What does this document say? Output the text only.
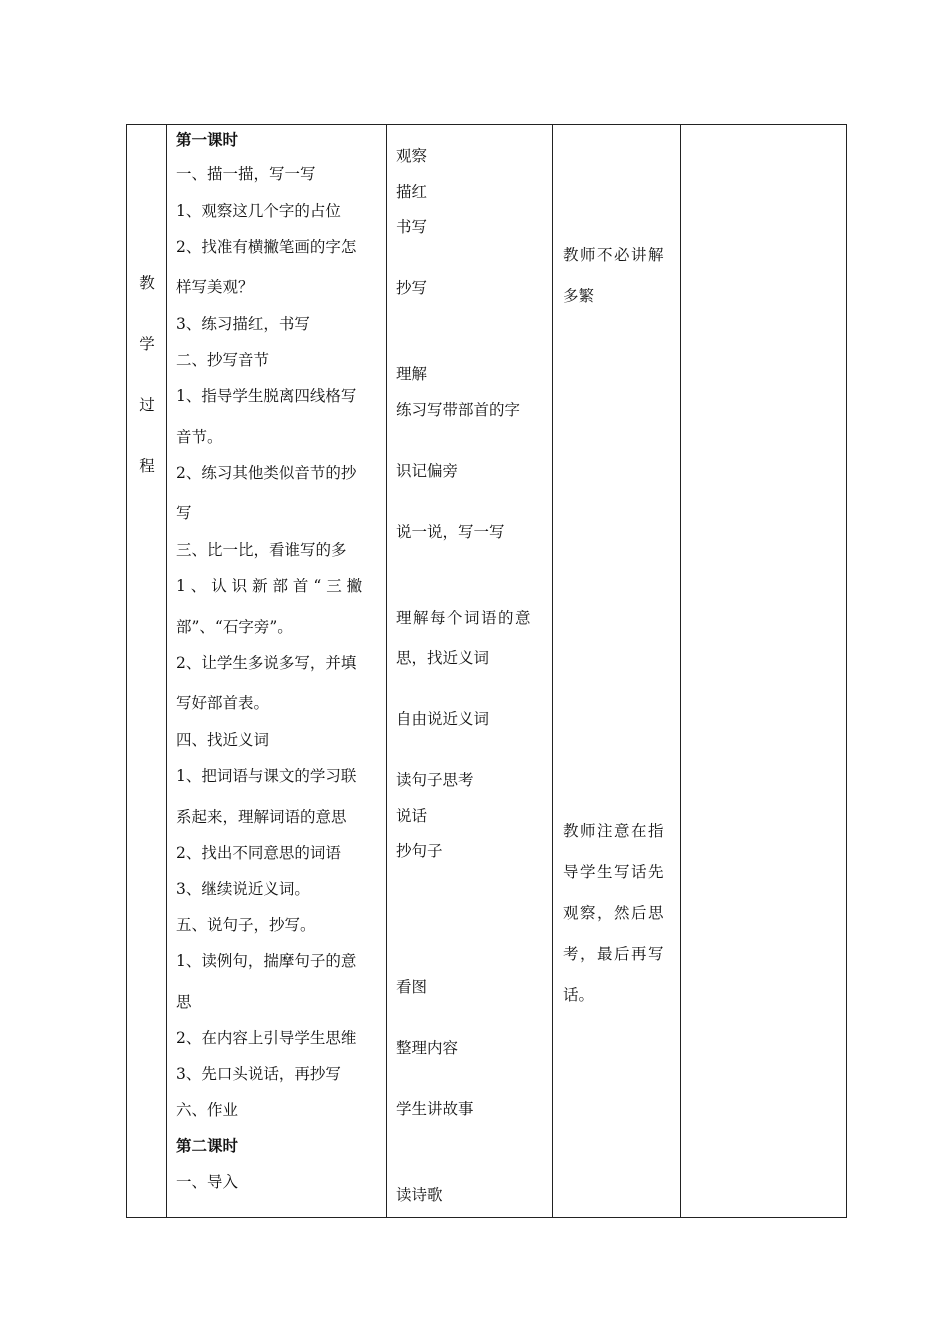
教
学
过
程
第一课时
一、描一描，写一写
1、观察这几个字的占位
2、找准有横撇笔画的字怎
样写美观？
3、练习描红，书写
二、抄写音节
1、指导学生脱离四线格写
音节。
2、练习其他类似音节的抄
写
三、比一比，看谁写的多
1 、 认 识 新 部 首 “ 三 撇
部”、“石字旁”。
2、让学生多说多写，并填
写好部首表。
四、找近义词
1、把词语与课文的学习联
系起来，理解词语的意思
2、找出不同意思的词语
3、继续说近义词。
五、说句子，抄写。
1、读例句，揣摩句子的意
思
2、在内容上引导学生思维
3、先口头说话，再抄写
六、作业
第二课时
一、导入
观察
描红
书写
抄写
理解
练习写带部首的字
识记偏旁
说一说，写一写
理解每个词语的意
思，找近义词
自由说近义词
读句子思考
说话
抄句子
看图
整理内容
学生讲故事
读诗歌
教师不必讲解
多繁
教师注意在指
导学生写话先
观察，然后思
考，最后再写
话。
